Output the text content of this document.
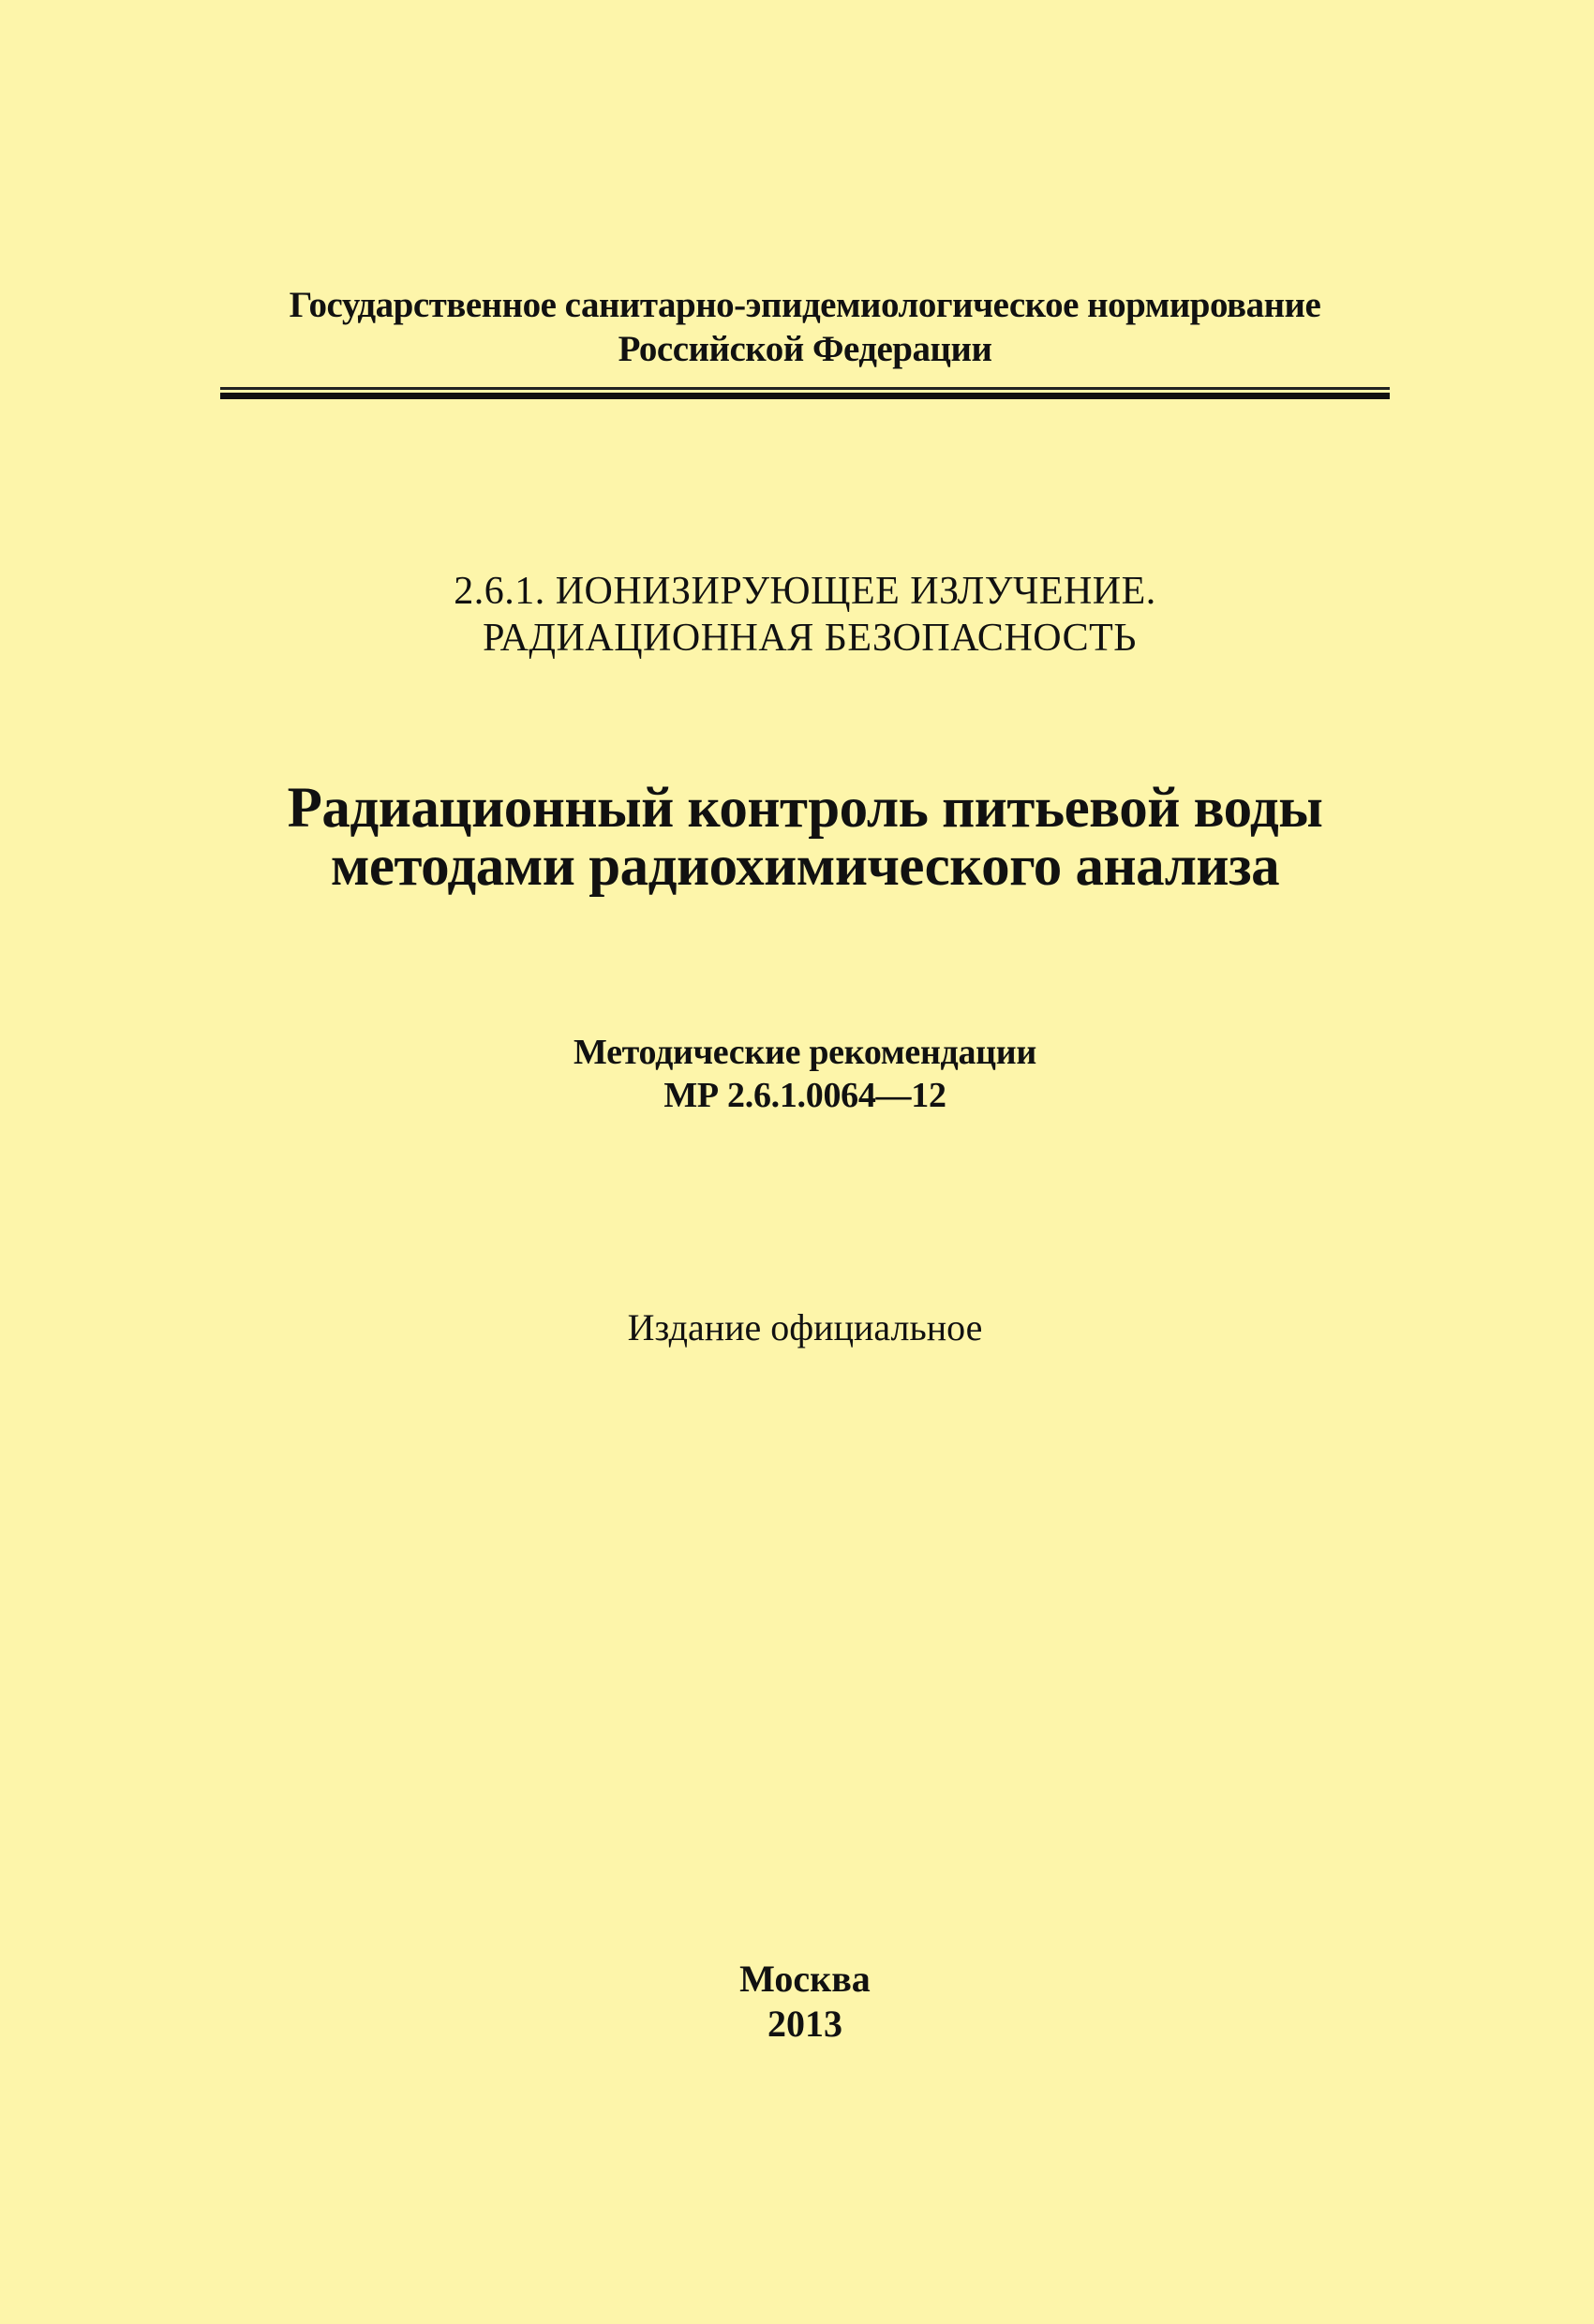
Государственное санитарно-эпидемиологическое нормирование
Российской Федерации
2.6.1. ИОНИЗИРУЮЩЕЕ ИЗЛУЧЕНИЕ.
РАДИАЦИОННАЯ БЕЗОПАСНОСТЬ
Радиационный контроль питьевой воды
методами радиохимического анализа
Методические рекомендации
МР 2.6.1.0064—12
Издание официальное
Москва
2013
